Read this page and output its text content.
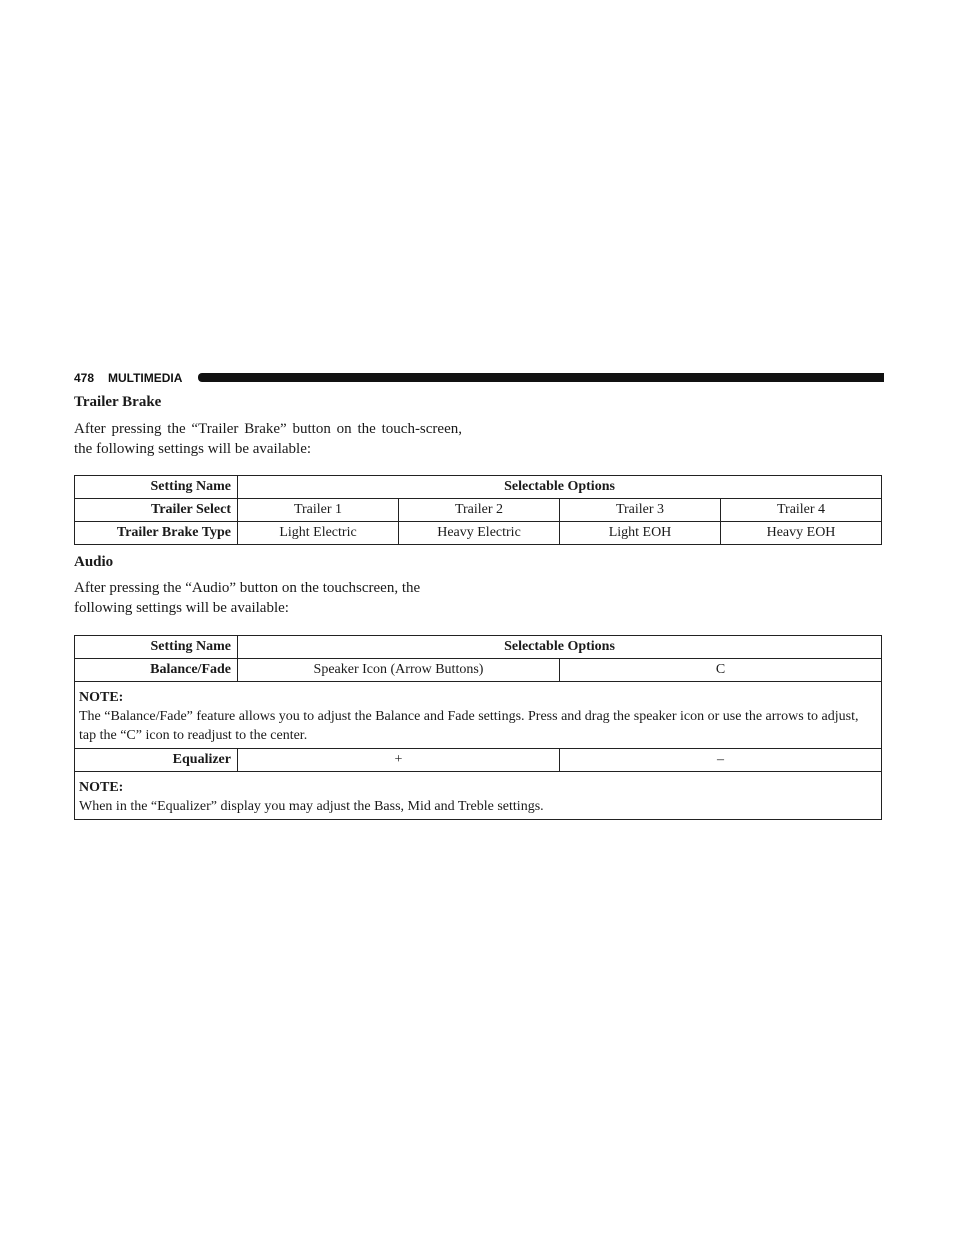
478 MULTIMEDIA
Trailer Brake
After pressing the “Trailer Brake” button on the touch-screen, the following settings will be available:
Setting Name	Selectable Options			
Trailer Select	Trailer 1	Trailer 2	Trailer 3	Trailer 4
Trailer Brake Type	Light Electric	Heavy Electric	Light EOH	Heavy EOH
Audio
After pressing the “Audio” button on the touchscreen, the
following settings will be available:
Setting Name	Selectable Options	
Balance/Fade	Speaker Icon (Arrow Buttons)	C

NOTE:
The “Balance/Fade” feature allows you to adjust the Balance and Fade settings. Press and drag the speaker icon or use the arrows to adjust, tap the “C” icon to readjust to the center.		
Equalizer	+	–

NOTE:
When in the “Equalizer” display you may adjust the Bass, Mid and Treble settings.		
